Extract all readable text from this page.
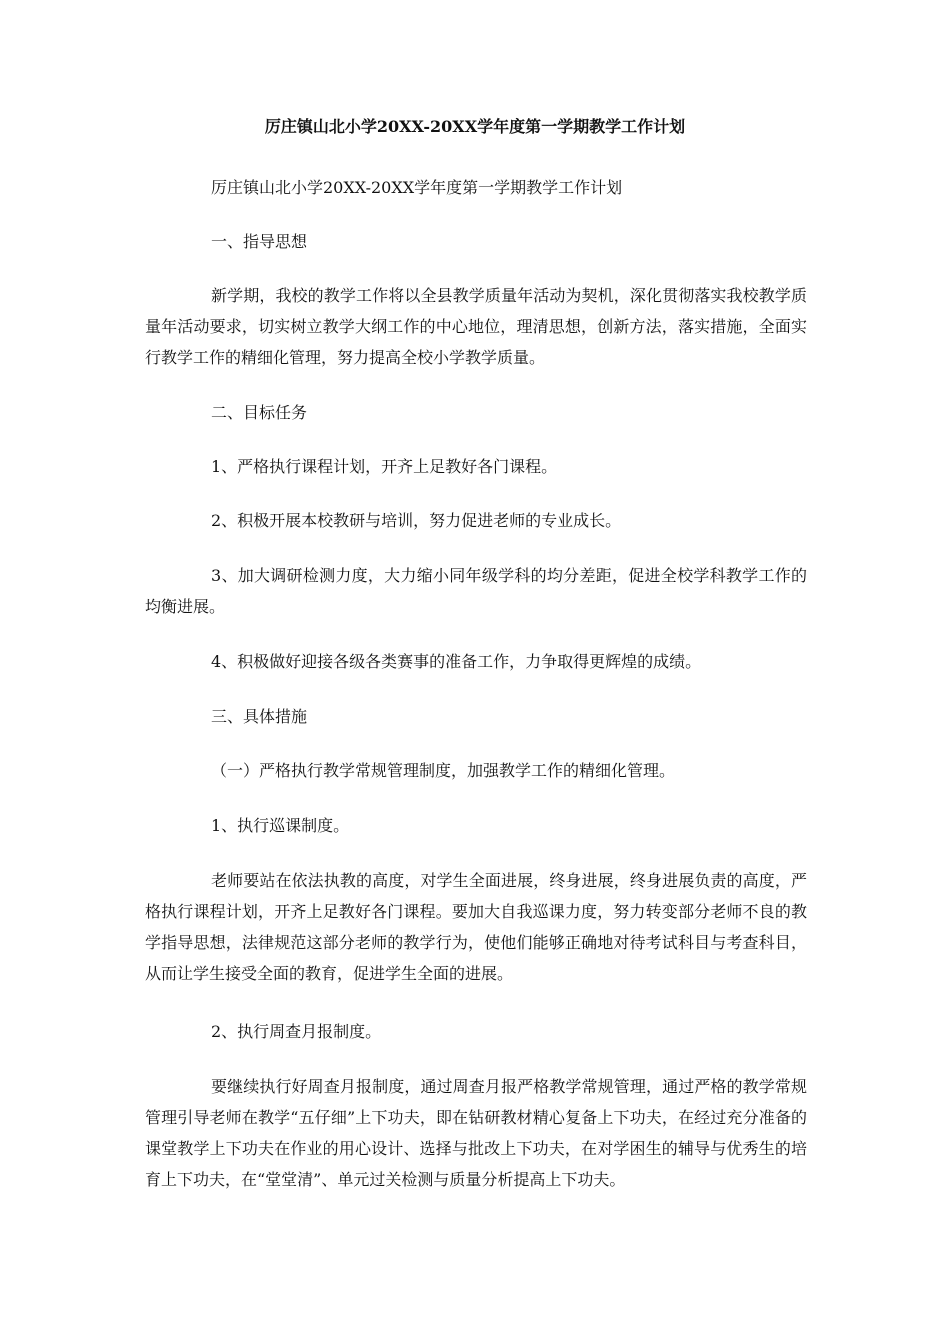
厉庄镇山北小学20XX-20XX学年度第一学期教学工作计划

厉庄镇山北小学20XX-20XX学年度第一学期教学工作计划

一、指导思想

新学期，我校的教学工作将以全县教学质量年活动为契机，深化贯彻落实我校教学质量年活动要求，切实树立教学大纲工作的中心地位，理清思想，创新方法，落实措施，全面实行教学工作的精细化管理，努力提高全校小学教学质量。

二、目标任务

1、严格执行课程计划，开齐上足教好各门课程。

2、积极开展本校教研与培训，努力促进老师的专业成长。

3、加大调研检测力度，大力缩小同年级学科的均分差距，促进全校学科教学工作的均衡进展。

4、积极做好迎接各级各类赛事的准备工作，力争取得更辉煌的成绩。

三、具体措施

（一）严格执行教学常规管理制度，加强教学工作的精细化管理。

1、执行巡课制度。

老师要站在依法执教的高度，对学生全面进展，终身进展，终身进展负责的高度，严格执行课程计划，开齐上足教好各门课程。要加大自我巡课力度，努力转变部分老师不良的教学指导思想，法律规范这部分老师的教学行为，使他们能够正确地对待考试科目与考查科目，从而让学生接受全面的教育，促进学生全面的进展。

2、执行周查月报制度。

要继续执行好周查月报制度，通过周查月报严格教学常规管理，通过严格的教学常规管理引导老师在教学“五仔细”上下功夫，即在钻研教材精心复备上下功夫，在经过充分准备的课堂教学上下功夫在作业的用心设计、选择与批改上下功夫，在对学困生的辅导与优秀生的培育上下功夫，在“堂堂清”、单元过关检测与质量分析提高上下功夫。
